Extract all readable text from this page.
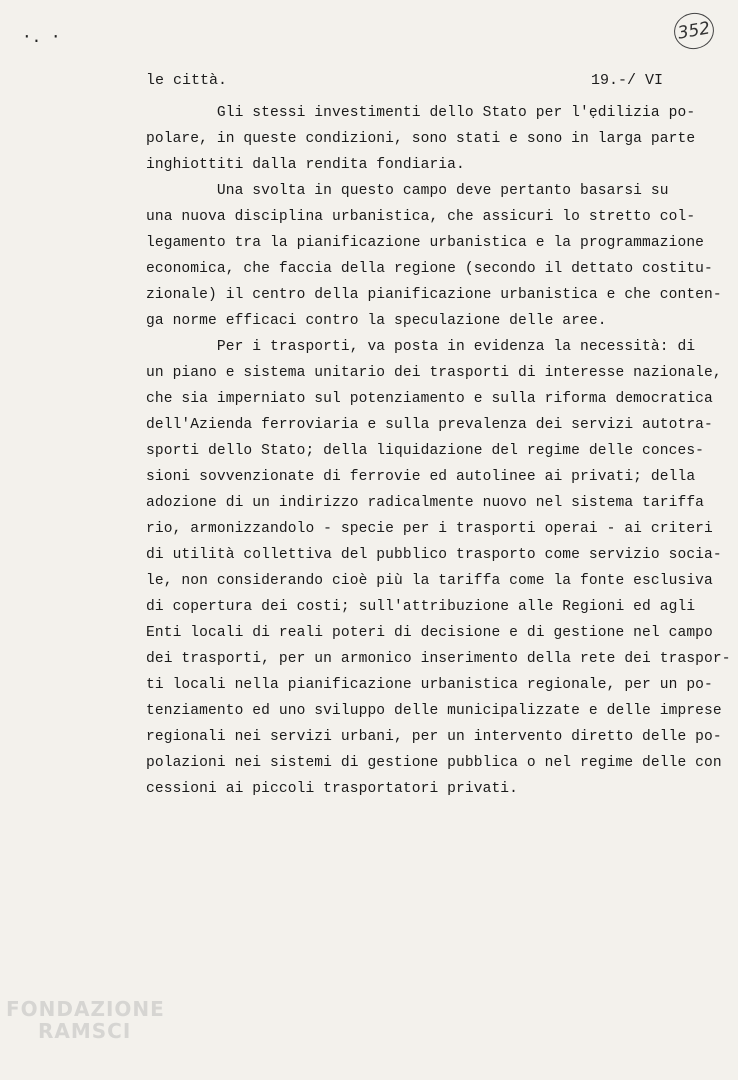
·. ·	352
le città.	19.-/ VI
Gli stessi investimenti dello Stato per l'ẹdilizia po-
polare, in queste condizioni, sono stati e sono in larga parte
inghiottiti dalla rendita fondiaria.
Una svolta in questo campo deve pertanto basarsi su
una nuova disciplina urbanistica, che assicuri lo stretto col-
legamento tra la pianificazione urbanistica e la programmazione
economica, che faccia della regione (secondo il dettato costitu-
zionale) il centro della pianificazione urbanistica e che conten-
ga norme efficaci contro la speculazione delle aree.
Per i trasporti, va posta in evidenza la necessità: di
un piano e sistema unitario dei trasporti di interesse nazionale,
che sia imperniato sul potenziamento e sulla riforma democratica
dell'Azienda ferroviaria e sulla prevalenza dei servizi autotra-
sporti dello Stato; della liquidazione del regime delle conces-
sioni sovvenzionate di ferrovie ed autolinee ai privati; della
adozione di un indirizzo radicalmente nuovo nel sistema tariffa
rio, armonizzandolo - specie per i trasporti operai - ai criteri
di utilità collettiva del pubblico trasporto come servizio socia-
le, non considerando cioè più la tariffa come la fonte esclusiva
di copertura dei costi; sull'attribuzione alle Regioni ed agli
Enti locali di reali poteri di decisione e di gestione nel campo
dei trasporti, per un armonico inserimento della rete dei traspor-
ti locali nella pianificazione urbanistica regionale, per un po-
tenziamento ed uno sviluppo delle municipalizzate e delle imprese
regionali nei servizi urbani, per un intervento diretto delle po-
polazioni nei sistemi di gestione pubblica o nel regime delle con
cessioni ai piccoli trasportatori privati.
FONDAZIONE
RAMSCI
